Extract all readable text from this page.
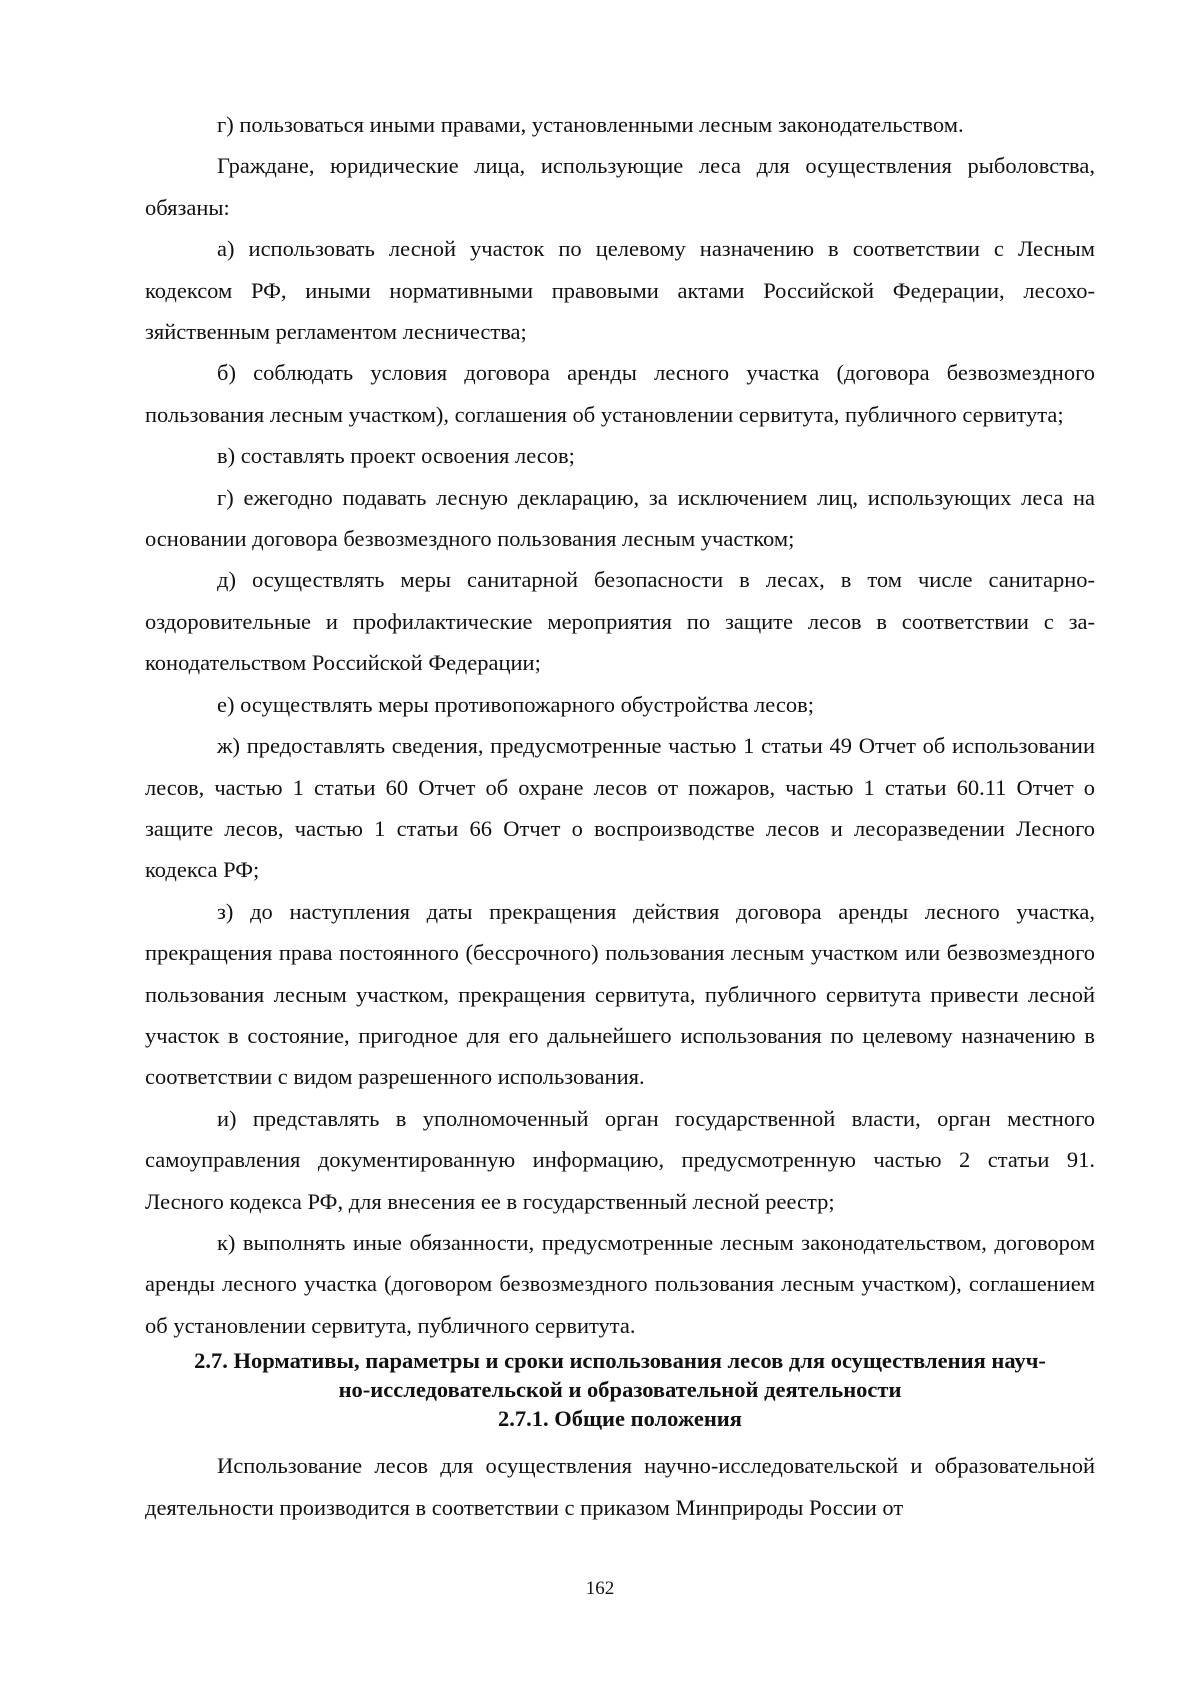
г) пользоваться иными правами, установленными лесным законодательством.

Граждане, юридические лица, использующие леса для осуществления рыболовства, обязаны:

а) использовать лесной участок по целевому назначению в соответствии с Лесным кодексом РФ, иными нормативными правовыми актами Российской Федерации, лесохозяйственным регламентом лесничества;

б) соблюдать условия договора аренды лесного участка (договора безвозмездного пользования лесным участком), соглашения об установлении сервитута, публичного сервитута;

в) составлять проект освоения лесов;

г) ежегодно подавать лесную декларацию, за исключением лиц, использующих леса на основании договора безвозмездного пользования лесным участком;

д) осуществлять меры санитарной безопасности в лесах, в том числе санитарно-оздоровительные и профилактические мероприятия по защите лесов в соответствии с законодательством Российской Федерации;

е) осуществлять меры противопожарного обустройства лесов;

ж) предоставлять сведения, предусмотренные частью 1 статьи 49 Отчет об использовании лесов, частью 1 статьи 60 Отчет об охране лесов от пожаров, частью 1 статьи 60.11 Отчет о защите лесов, частью 1 статьи 66 Отчет о воспроизводстве лесов и лесоразведении Лесного кодекса РФ;

з) до наступления даты прекращения действия договора аренды лесного участка, прекращения права постоянного (бессрочного) пользования лесным участком или безвозмездного пользования лесным участком, прекращения сервитута, публичного сервитута привести лесной участок в состояние, пригодное для его дальнейшего использования по целевому назначению в соответствии с видом разрешенного использования.

и) представлять в уполномоченный орган государственной власти, орган местного самоуправления документированную информацию, предусмотренную частью 2 статьи 91. Лесного кодекса РФ, для внесения ее в государственный лесной реестр;

к) выполнять иные обязанности, предусмотренные лесным законодательством, договором аренды лесного участка (договором безвозмездного пользования лесным участком), соглашением об установлении сервитута, публичного сервитута.

2.7. Нормативы, параметры и сроки использования лесов для осуществления науч-
но-исследовательской и образовательной деятельности
2.7.1. Общие положения

Использование лесов для осуществления научно-исследовательской и образовательной деятельности производится в соответствии с приказом Минприроды России от

162
